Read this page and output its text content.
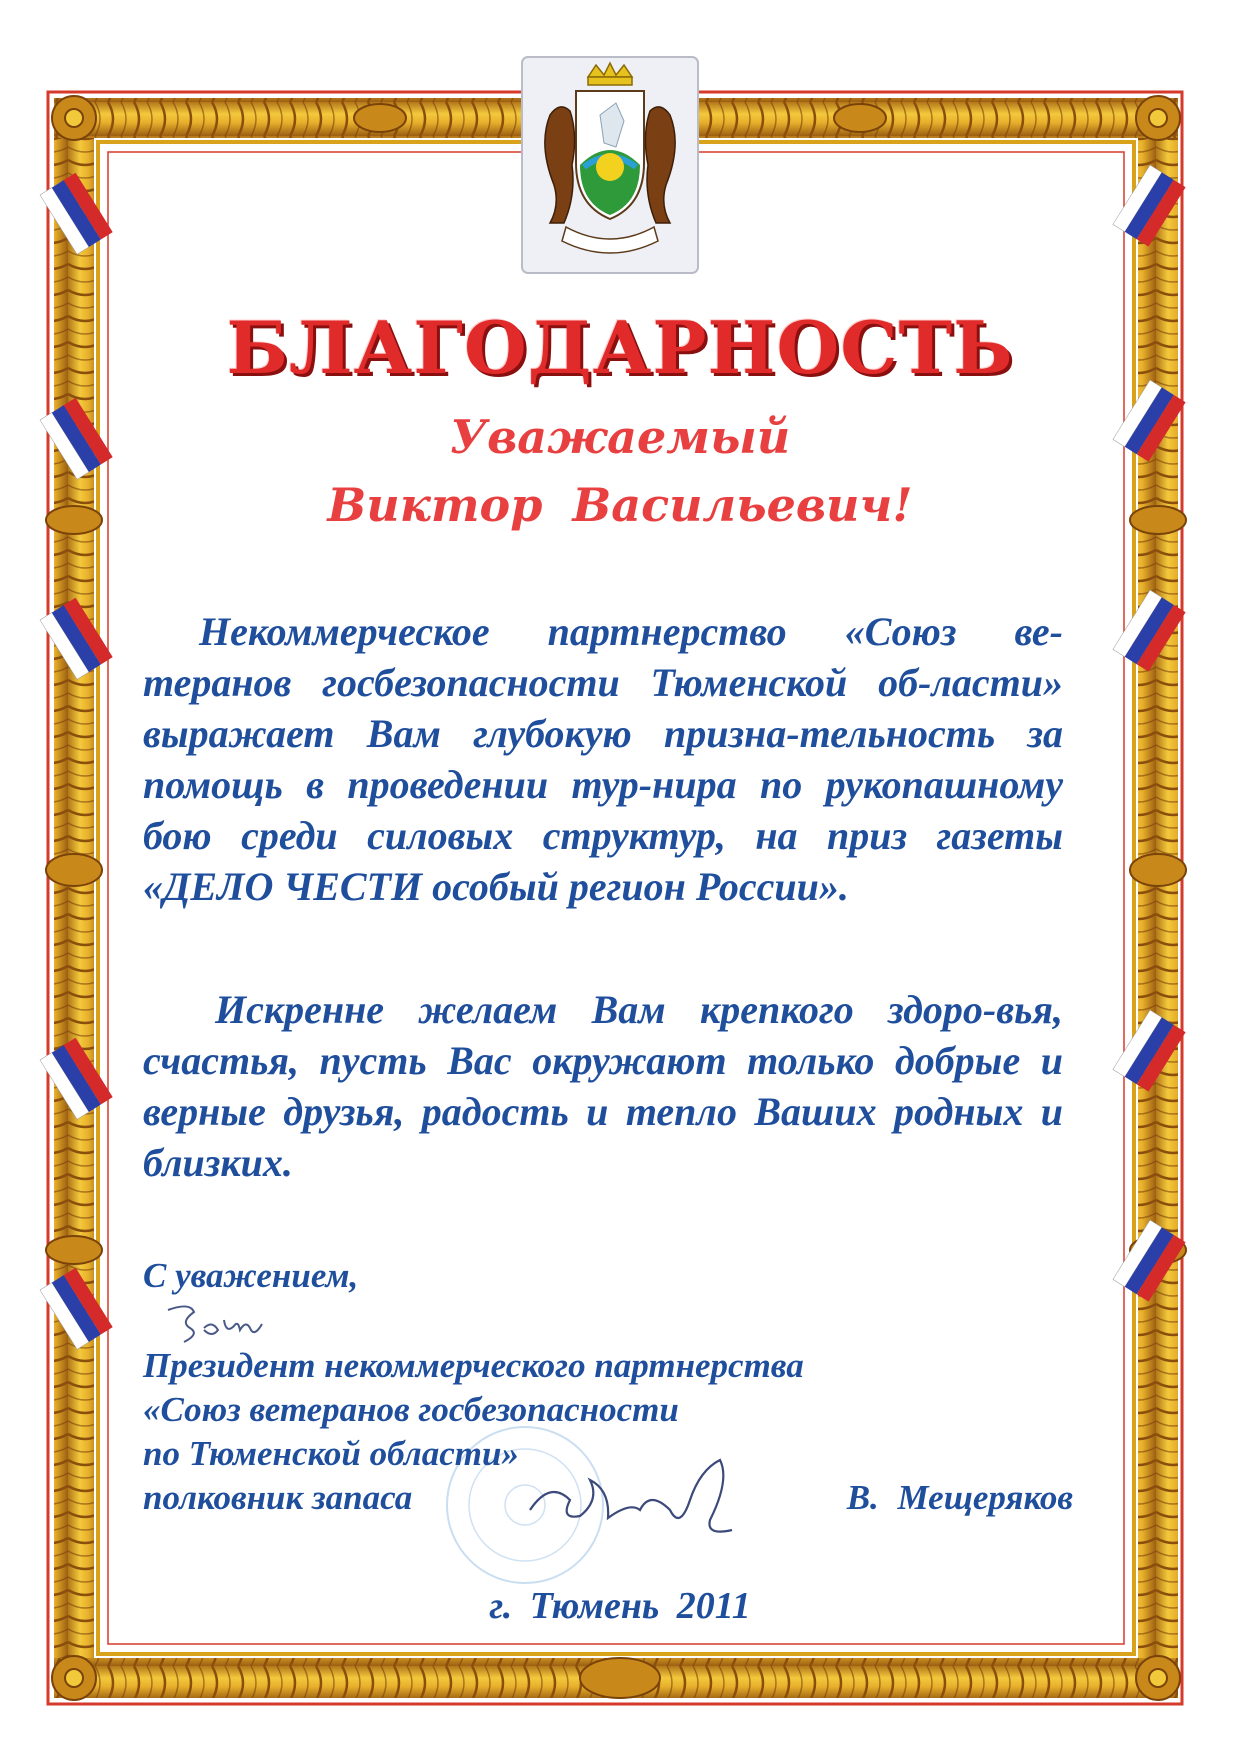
БЛАГОДАРНОСТЬ
Уважаемый
Виктор Васильевич!
Некоммерческое партнерство «Союз ве-теранов госбезопасности Тюменской об-ласти» выражает Вам глубокую призна-тельность за помощь в проведении тур-нира по рукопашному бою среди силовых структур, на приз газеты «ДЕЛО ЧЕСТИ особый регион России».
Искренне желаем Вам крепкого здоро-вья, счастья, пусть Вас окружают только добрые и верные друзья, радость и тепло Ваших родных и близких.
С уважением,
Президент некоммерческого партнерства
«Союз ветеранов госбезопасности
по Тюменской области»
полковник запаса	В. Мещеряков
г. Тюмень 2011
